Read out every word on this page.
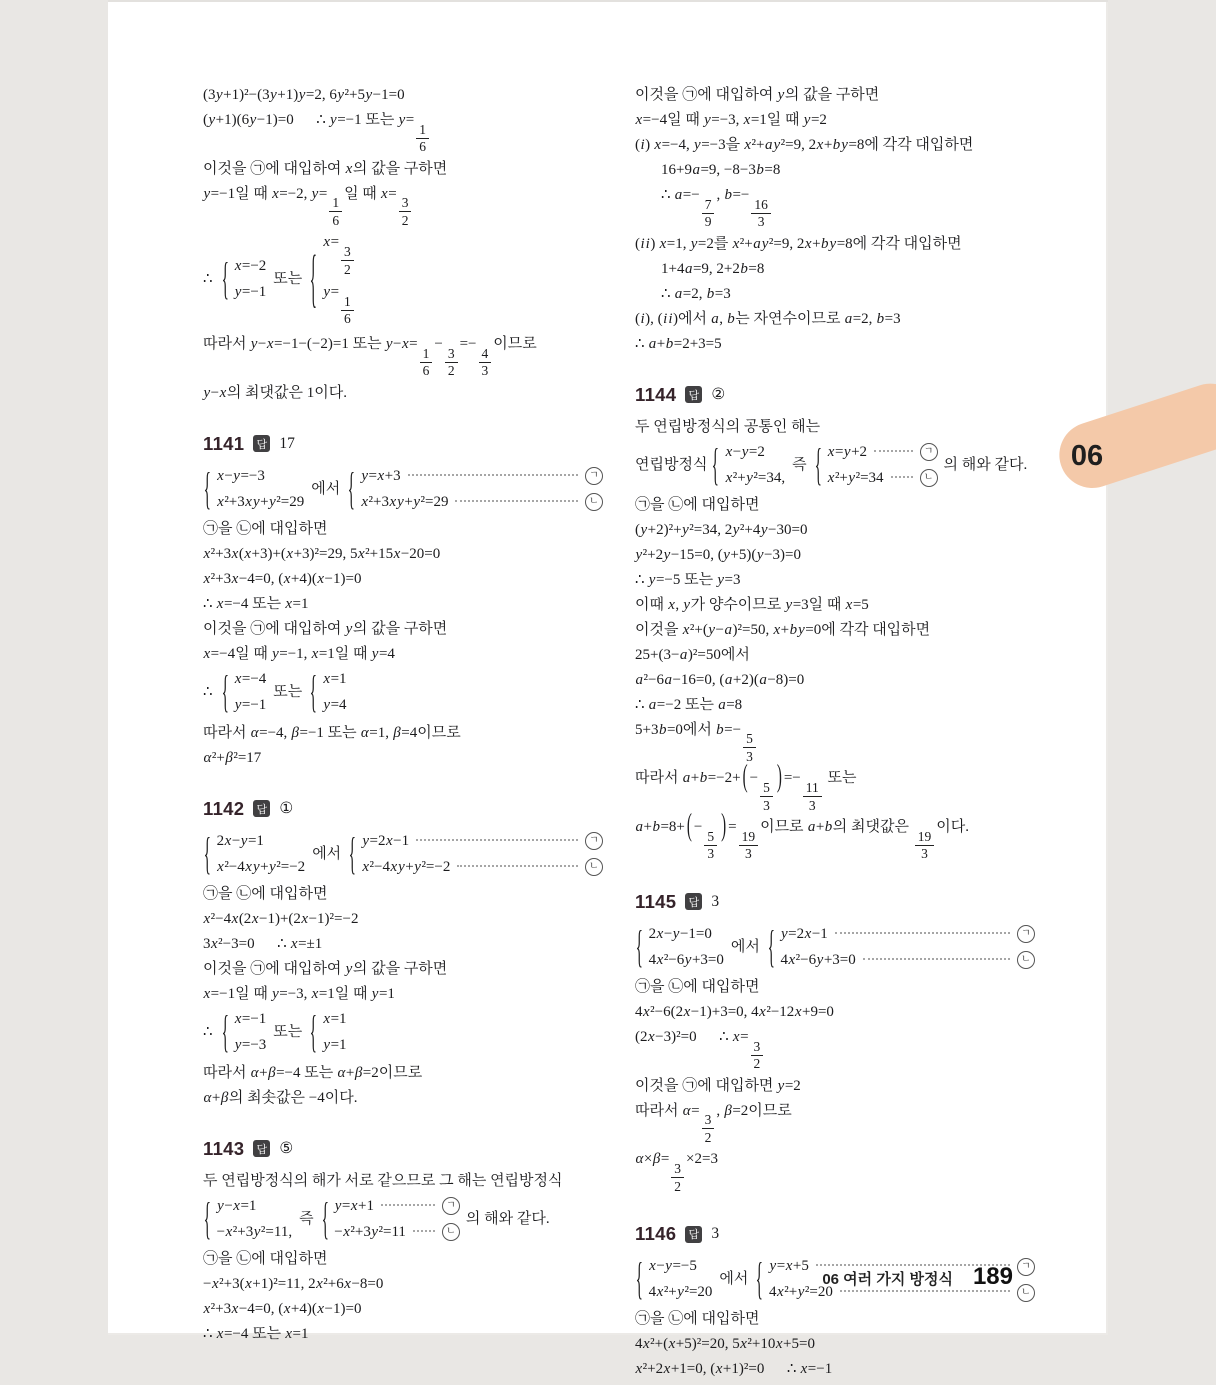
(3y+1)²−(3y+1)y=2, 6y²+5y−1=0
(y+1)(6y−1)=0  ∴ y=−1 또는 y=
$\frac{1}{6}$
이것을 ㉠에 대입하여 x의 값을 구하면
y=−1일 때 x=−2, y=
$\frac{1}{6}$
일 때 x=
$\frac{3}{2}$
∴ { x=−2
y=−1
또는 { x=
$\frac{3}{2}$
y=
$\frac{1}{6}$
따라서 y−x=−1−(−2)=1 또는 y−x=
$\frac{1}{6}$
−
$\frac{3}{2}$
=−
$\frac{4}{3}$
이므로
y−x의 최댓값은 1이다.
1141 답 17
{ x−y=−3
x²+3xy+y²=29
에서 { y=x+3	ㄱ
x²+3xy+y²=29	ㄴ
㉠을 ㉡에 대입하면
x²+3x(x+3)+(x+3)²=29, 5x²+15x−20=0
x²+3x−4=0, (x+4)(x−1)=0
∴ x=−4 또는 x=1
이것을 ㉠에 대입하여 y의 값을 구하면
x=−4일 때 y=−1, x=1일 때 y=4
∴ { x=−4
y=−1
또는 { x=1
y=4
따라서 α=−4, β=−1 또는 α=1, β=4이므로
α²+β²=17
1142 답 ①
{ 2x−y=1
x²−4xy+y²=−2
에서 { y=2x−1	ㄱ
x²−4xy+y²=−2	ㄴ
㉠을 ㉡에 대입하면
x²−4x(2x−1)+(2x−1)²=−2
3x²−3=0  ∴ x=±1
이것을 ㉠에 대입하여 y의 값을 구하면
x=−1일 때 y=−3, x=1일 때 y=1
∴ { x=−1
y=−3
또는 { x=1
y=1
따라서 α+β=−4 또는 α+β=2이므로
α+β의 최솟값은 −4이다.
1143 답 ⑤
두 연립방정식의 해가 서로 같으므로 그 해는 연립방정식
{ y−x=1
−x²+3y²=11,
즉 { y=x+1	ㄱ
−x²+3y²=11	ㄴ
의 해와 같다.
㉠을 ㉡에 대입하면
−x²+3(x+1)²=11, 2x²+6x−8=0
x²+3x−4=0, (x+4)(x−1)=0
∴ x=−4 또는 x=1
이것을 ㉠에 대입하여 y의 값을 구하면
x=−4일 때 y=−3, x=1일 때 y=2
(i) x=−4, y=−3을 x²+ay²=9, 2x+by=8에 각각 대입하면
16+9a=9, −8−3b=8
∴ a=−
$\frac{7}{9}$
, b=−
$\frac{16}{3}$
(ii) x=1, y=2를 x²+ay²=9, 2x+by=8에 각각 대입하면
1+4a=9, 2+2b=8
∴ a=2, b=3
(i), (ii)에서 a, b는 자연수이므로 a=2, b=3
∴ a+b=2+3=5
1144 답 ②
두 연립방정식의 공통인 해는
연립방정식 { x−y=2
x²+y²=34,
즉 { x=y+2	ㄱ
x²+y²=34	ㄴ
의 해와 같다.
㉠을 ㉡에 대입하면
(y+2)²+y²=34, 2y²+4y−30=0
y²+2y−15=0, (y+5)(y−3)=0
∴ y=−5 또는 y=3
이때 x, y가 양수이므로 y=3일 때 x=5
이것을 x²+(y−a)²=50, x+by=0에 각각 대입하면
25+(3−a)²=50에서
a²−6a−16=0, (a+2)(a−8)=0
∴ a=−2 또는 a=8
5+3b=0에서 b=−
$\frac{5}{3}$
따라서 a+b=−2+ ( −
$\frac{5}{3}$
) =−
$\frac{11}{3}$
또는
a+b=8+ ( −
$\frac{5}{3}$
) =
$\frac{19}{3}$
이므로 a+b의 최댓값은
$\frac{19}{3}$
이다.
1145 답 3
{ 2x−y−1=0
4x²−6y+3=0
에서 { y=2x−1	ㄱ
4x²−6y+3=0	ㄴ
㉠을 ㉡에 대입하면
4x²−6(2x−1)+3=0, 4x²−12x+9=0
(2x−3)²=0  ∴ x=
$\frac{3}{2}$
이것을 ㉠에 대입하면 y=2
따라서 α=
$\frac{3}{2}$
, β=2이므로
α×β=
$\frac{3}{2}$
×2=3
1146 답 3
{ x−y=−5
4x²+y²=20
에서 { y=x+5	ㄱ
4x²+y²=20	ㄴ
㉠을 ㉡에 대입하면
4x²+(x+5)²=20, 5x²+10x+5=0
x²+2x+1=0, (x+1)²=0  ∴ x=−1
06
06 여러 가지 방정식 189
